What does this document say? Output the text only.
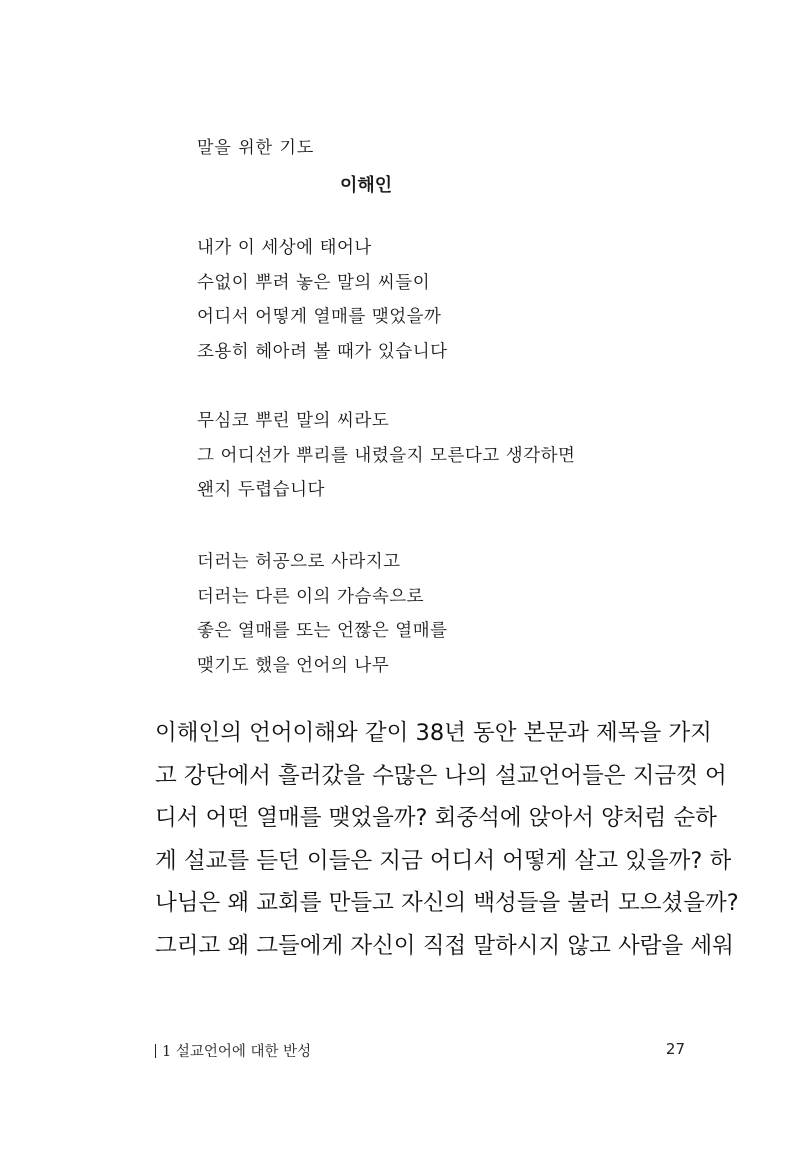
말을 위한 기도
이해인
내가 이 세상에 태어나
수없이 뿌려 놓은 말의 씨들이
어디서 어떻게 열매를 맺었을까
조용히 헤아려 볼 때가 있습니다
무심코 뿌린 말의 씨라도
그 어디선가 뿌리를 내렸을지 모른다고 생각하면
왠지 두렵습니다
더러는 허공으로 사라지고
더러는 다른 이의 가슴속으로
좋은 열매를 또는 언짢은 열매를
맺기도 했을 언어의 나무
이해인의 언어이해와 같이 38년 동안 본문과 제목을 가지
고 강단에서 흘러갔을 수많은 나의 설교언어들은 지금껏 어
디서 어떤 열매를 맺었을까? 회중석에 앉아서 양처럼 순하
게 설교를 듣던 이들은 지금 어디서 어떻게 살고 있을까? 하
나님은 왜 교회를 만들고 자신의 백성들을 불러 모으셨을까?
그리고 왜 그들에게 자신이 직접 말하시지 않고 사람을 세워
1 설교언어에 대한 반성	27
